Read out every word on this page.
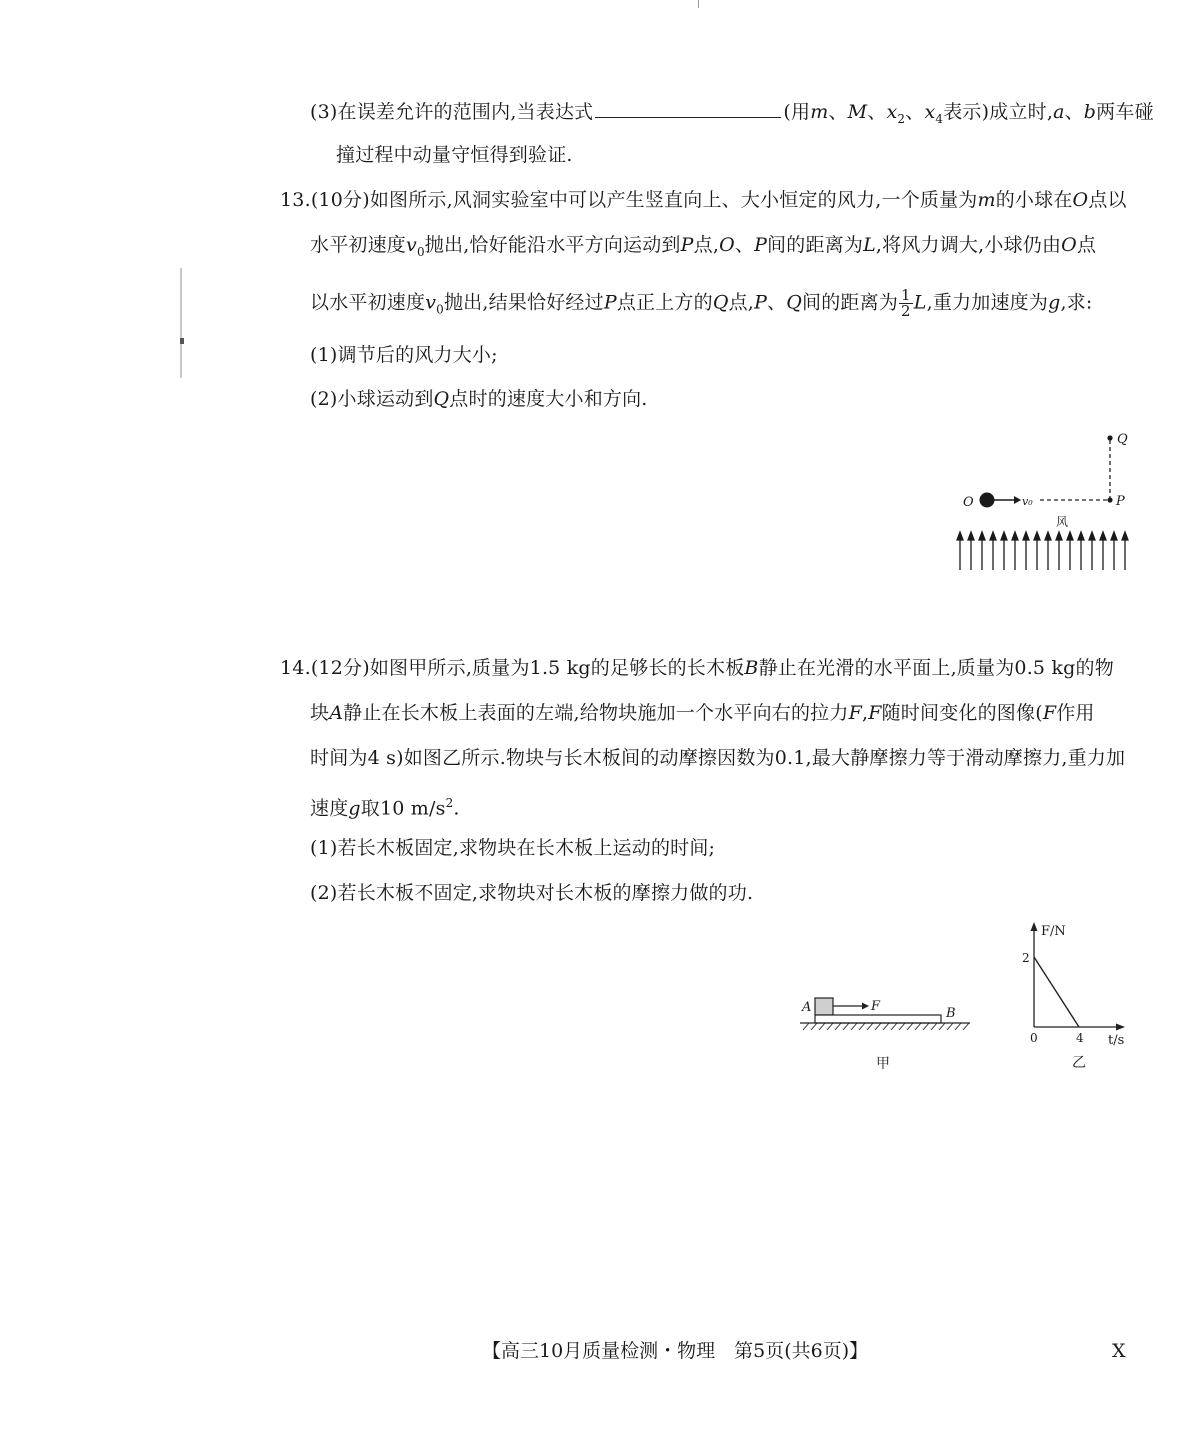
(3)在误差允许的范围内,当表达式	(用m、M、$x_2$、$x_4$表示)成立时,a、b两车碰
撞过程中动量守恒得到验证.
13.(10分)如图所示,风洞实验室中可以产生竖直向上、大小恒定的风力,一个质量为m的小球在O点以
水平初速度$v_0$抛出,恰好能沿水平方向运动到P点,O、P间的距离为L,将风力调大,小球仍由O点
以水平初速度$v_0$抛出,结果恰好经过P点正上方的Q点,P、Q间的距离为 $\frac{1}{2} L$,重力加速度为g,求:
(1)调节后的风力大小;
(2)小球运动到Q点时的速度大小和方向.
Q
O	v₀	P
风
14.(12分)如图甲所示,质量为1.5 kg的足够长的长木板B静止在光滑的水平面上,质量为0.5 kg的物
块A静止在长木板上表面的左端,给物块施加一个水平向右的拉力F,F随时间变化的图像(F作用
时间为4 s)如图乙所示.物块与长木板间的动摩擦因数为0.1,最大静摩擦力等于滑动摩擦力,重力加
速度g取10 $m/s^2$.
(1)若长木板固定,求物块在长木板上运动的时间;
(2)若长木板不固定,求物块对长木板的摩擦力做的功.
A	F	B
甲
F/N
t/s
2
0	4
乙
【高三10月质量检测・物理　第5页(共6页)】	X
